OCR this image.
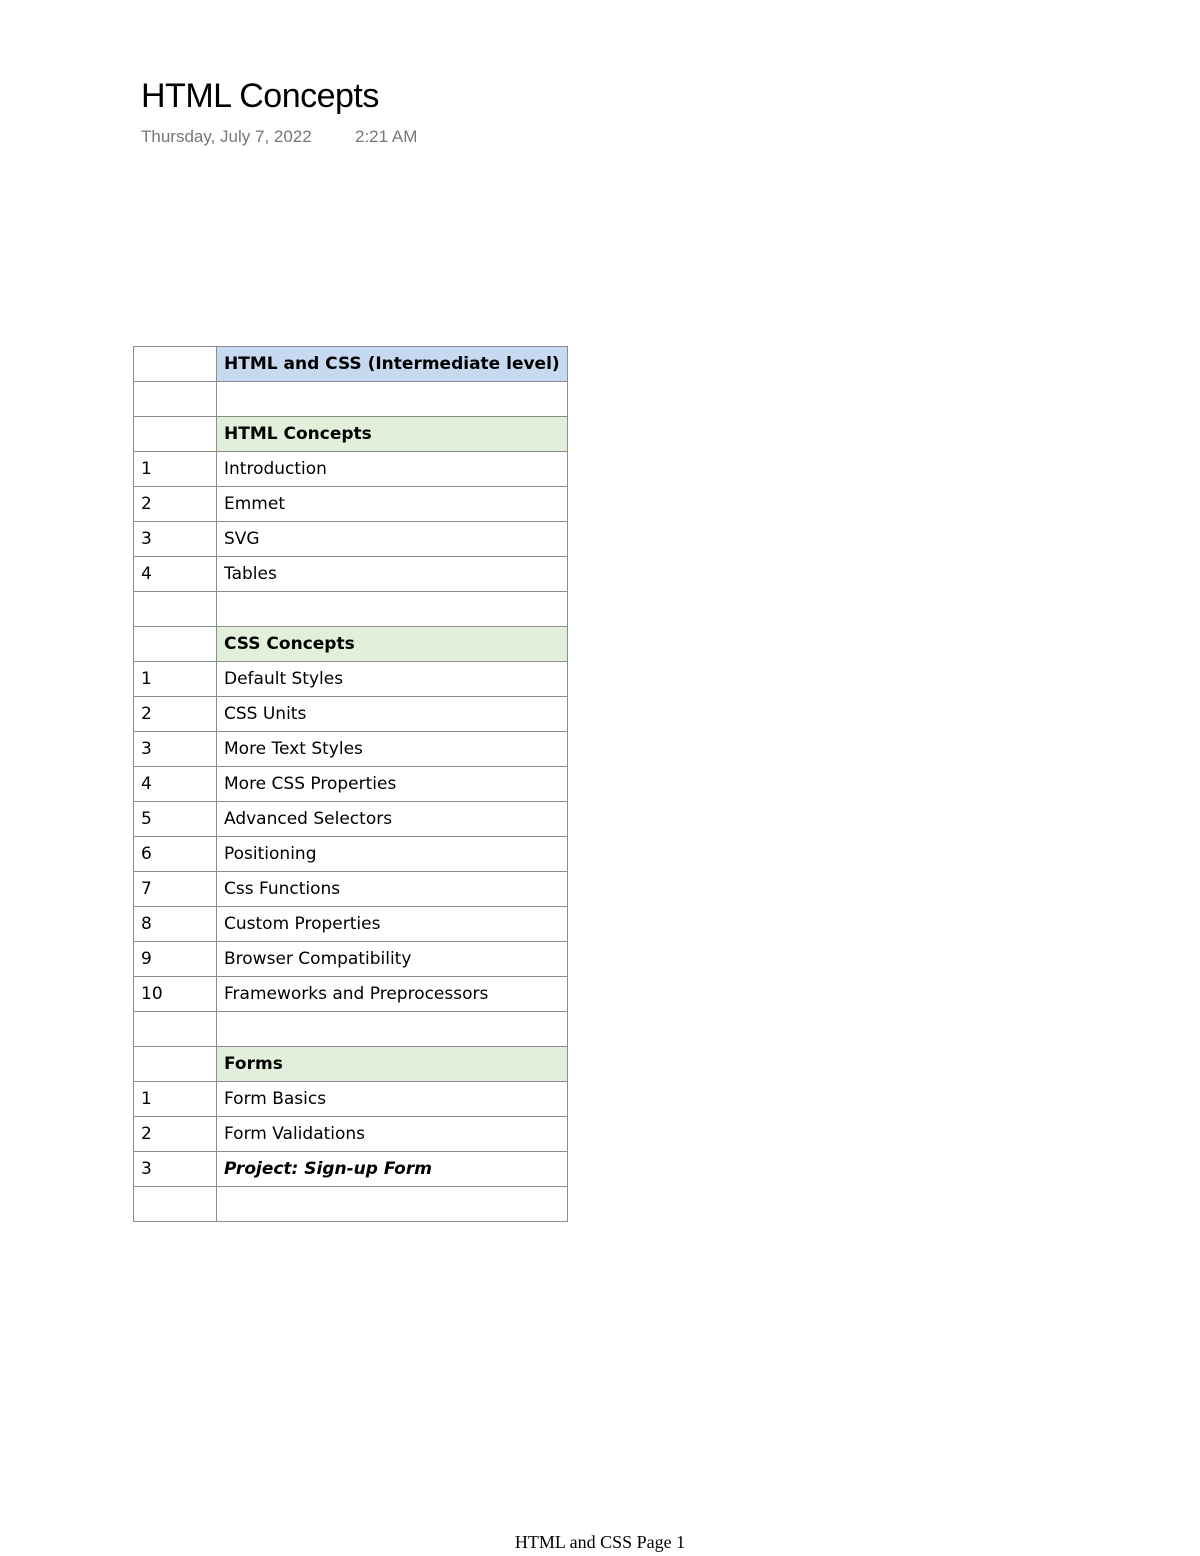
HTML Concepts
Thursday, July 7, 2022	2:21 AM
	HTML and CSS (Intermediate level)

	HTML Concepts
1	Introduction
2	Emmet
3	SVG
4	Tables

	CSS Concepts
1	Default Styles
2	CSS Units
3	More Text Styles
4	More CSS Properties
5	Advanced Selectors
6	Positioning
7	Css Functions
8	Custom Properties
9	Browser Compatibility
10	Frameworks and Preprocessors

	Forms
1	Form Basics
2	Form Validations
3	Project: Sign-up Form

HTML and CSS Page 1
